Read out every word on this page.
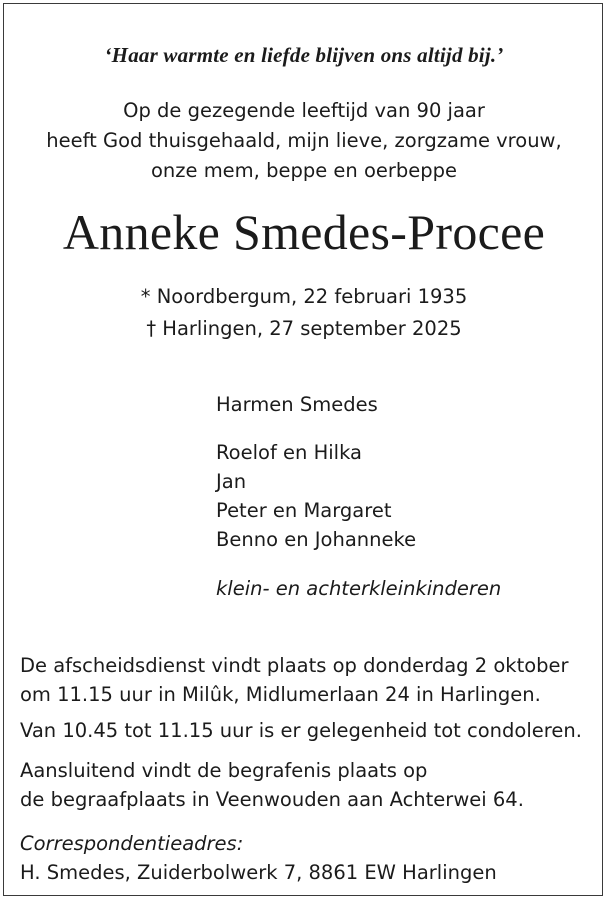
‘Haar warmte en liefde blijven ons altijd bij.’
Op de gezegende leeftijd van 90 jaar
heeft God thuisgehaald, mijn lieve, zorgzame vrouw,
onze mem, beppe en oerbeppe
Anneke Smedes-Procee
* Noordbergum, 22 februari 1935
† Harlingen, 27 september 2025
Harmen Smedes
Roelof en Hilka
Jan
Peter en Margaret
Benno en Johanneke
klein- en achterkleinkinderen
De afscheidsdienst vindt plaats op donderdag 2 oktober
om 11.15 uur in Milûk, Midlumerlaan 24 in Harlingen.
Van 10.45 tot 11.15 uur is er gelegenheid tot condoleren.
Aansluitend vindt de begrafenis plaats op
de begraafplaats in Veenwouden aan Achterwei 64.
Correspondentieadres:
H. Smedes, Zuiderbolwerk 7, 8861 EW Harlingen
